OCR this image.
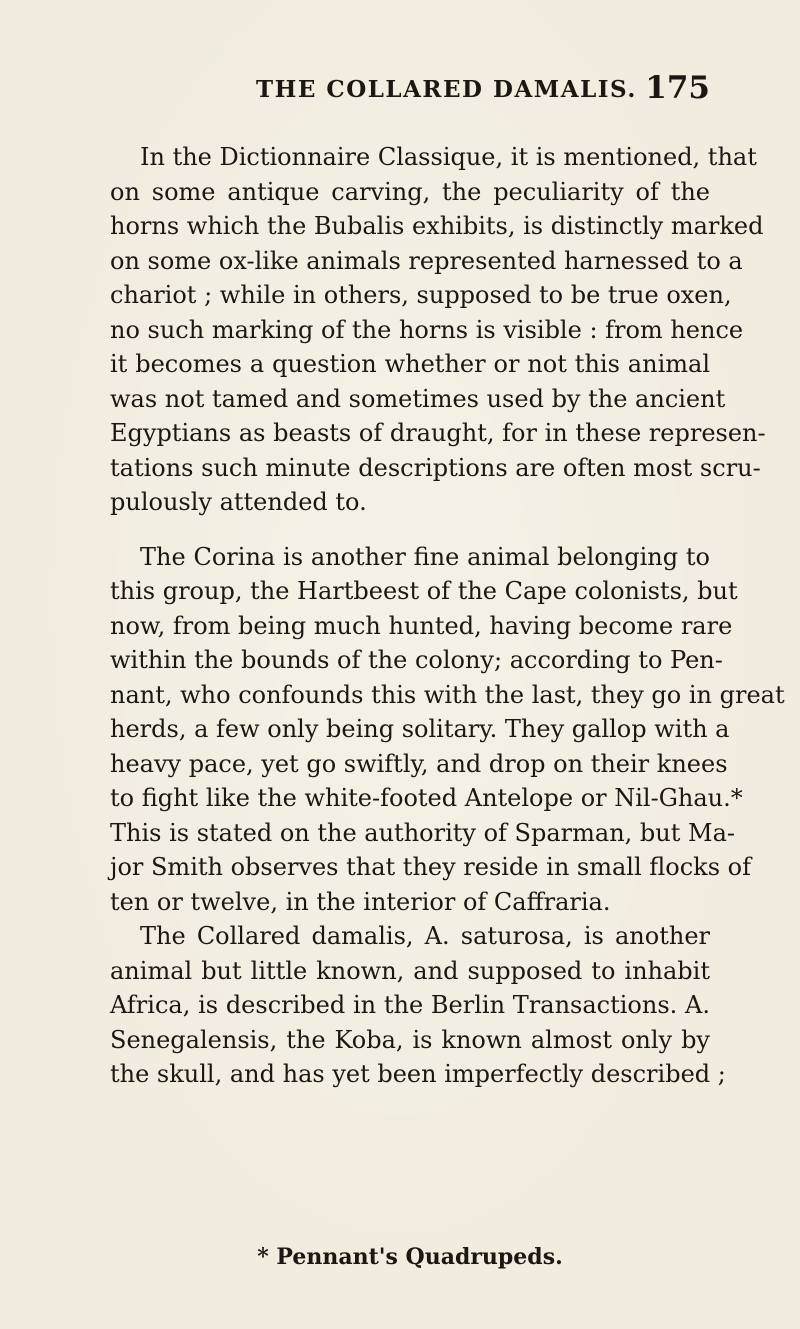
THE COLLARED DAMALIS. 175

In the Dictionnaire Classique, it is mentioned, that
on some antique carving, the peculiarity of the
horns which the Bubalis exhibits, is distinctly marked
on some ox-like animals represented harnessed to a
chariot ; while in others, supposed to be true oxen,
no such marking of the horns is visible : from hence
it becomes a question whether or not this animal
was not tamed and sometimes used by the ancient
Egyptians as beasts of draught, for in these represen-
tations such minute descriptions are often most scru-
pulously attended to.

The Corina is another fine animal belonging to
this group, the Hartbeest of the Cape colonists, but
now, from being much hunted, having become rare
within the bounds of the colony; according to Pen-
nant, who confounds this with the last, they go in great
herds, a few only being solitary. They gallop with a
heavy pace, yet go swiftly, and drop on their knees
to fight like the white-footed Antelope or Nil-Ghau.*
This is stated on the authority of Sparman, but Ma-
jor Smith observes that they reside in small flocks of
ten or twelve, in the interior of Caffraria.

The Collared damalis, A. saturosa, is another
animal but little known, and supposed to inhabit
Africa, is described in the Berlin Transactions. A.
Senegalensis, the Koba, is known almost only by
the skull, and has yet been imperfectly described ;

* Pennant's Quadrupeds.
